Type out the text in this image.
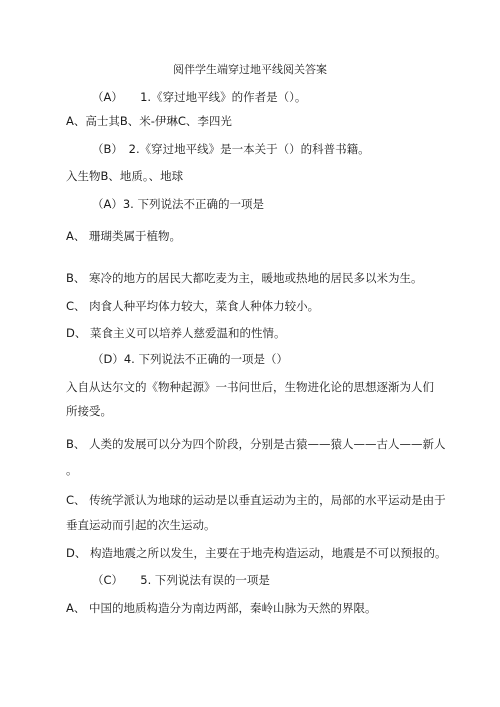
阅伴学生端穿过地平线阅关答案
（A）　　1.《穿过地平线》的作者是（）。
A、高士其B、米-伊琳C、李四光
（B）　2.《穿过地平线》是一本关于（）的科普书籍。
入生物B、地质。、地球
（A）3. 下列说法不正确的一项是
A、 珊瑚类属于植物。
B、 寒冷的地方的居民大都吃麦为主，暖地或热地的居民多以米为生。
C、 肉食人种平均体力较大，菜食人种体力较小。
D、 菜食主义可以培养人慈爱温和的性情。
（D）4. 下列说法不正确的一项是（）
入自从达尔文的《物种起源》一书问世后，生物进化论的思想逐渐为人们
所接受。
B、 人类的发展可以分为四个阶段，分别是古猿——猿人——古人——新人
。
C、 传统学派认为地球的运动是以垂直运动为主的，局部的水平运动是由于
垂直运动而引起的次生运动。
D、 构造地震之所以发生，主要在于地壳构造运动，地震是不可以预报的。
（C）　　5. 下列说法有误的一项是
A、 中国的地质构造分为南边两部，秦岭山脉为天然的界限。
